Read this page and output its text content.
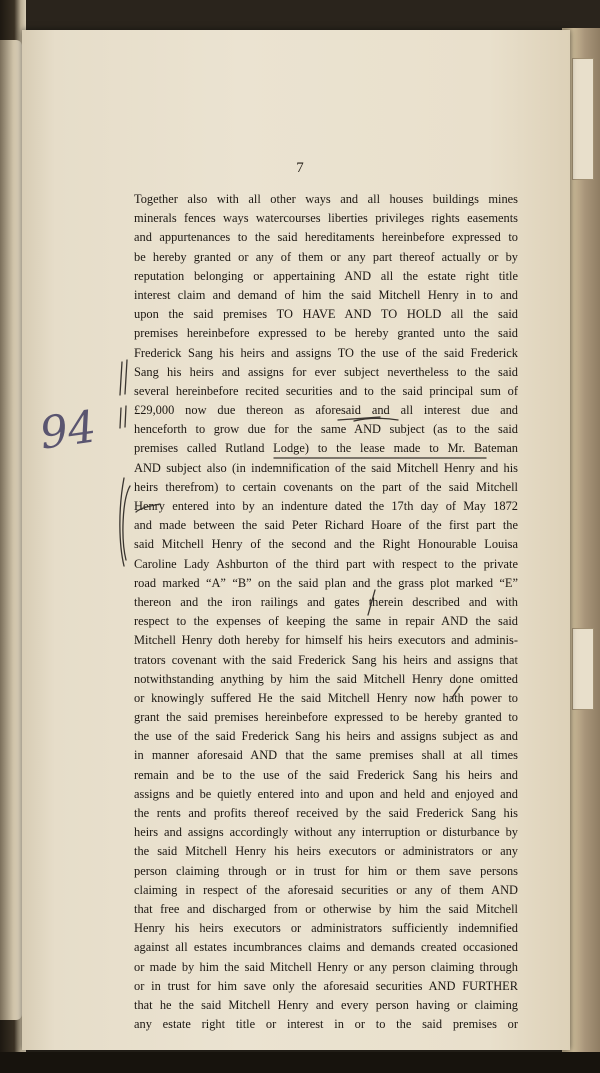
7
Together also with all other ways and all houses buildings mines
minerals fences ways watercourses liberties privileges rights easements
and appurtenances to the said hereditaments hereinbefore expressed to
be hereby granted or any of them or any part thereof actually or by
reputation belonging or appertaining AND all the estate right title
interest claim and demand of him the said Mitchell Henry in to and
upon the said premises TO HAVE AND TO HOLD all the said
premises hereinbefore expressed to be hereby granted unto the said
Frederick Sang his heirs and assigns TO the use of the said Frederick
Sang his heirs and assigns for ever subject nevertheless to the said
several hereinbefore recited securities and to the said principal sum of
£29,000 now due thereon as aforesaid and all interest due and
henceforth to grow due for the same AND subject (as to the said
premises called Rutland Lodge) to the lease made to Mr. Bateman
AND subject also (in indemnification of the said Mitchell Henry and his
heirs therefrom) to certain covenants on the part of the said Mitchell
Henry entered into by an indenture dated the 17th day of May 1872
and made between the said Peter Richard Hoare of the first part the
said Mitchell Henry of the second and the Right Honourable Louisa
Caroline Lady Ashburton of the third part with respect to the private
road marked “A” “B” on the said plan and the grass plot marked “E”
thereon and the iron railings and gates therein described and with
respect to the expenses of keeping the same in repair AND the said
Mitchell Henry doth hereby for himself his heirs executors and adminis-
trators covenant with the said Frederick Sang his heirs and assigns that
notwithstanding anything by him the said Mitchell Henry done omitted
or knowingly suffered He the said Mitchell Henry now hath power to
grant the said premises hereinbefore expressed to be hereby granted to
the use of the said Frederick Sang his heirs and assigns subject as and
in manner aforesaid AND that the same premises shall at all times
remain and be to the use of the said Frederick Sang his heirs and
assigns and be quietly entered into and upon and held and enjoyed and
the rents and profits thereof received by the said Frederick Sang his
heirs and assigns accordingly without any interruption or disturbance by
the said Mitchell Henry his heirs executors or administrators or any
person claiming through or in trust for him or them save persons
claiming in respect of the aforesaid securities or any of them AND
that free and discharged from or otherwise by him the said Mitchell
Henry his heirs executors or administrators sufficiently indemnified
against all estates incumbrances claims and demands created occasioned
or made by him the said Mitchell Henry or any person claiming through
or in trust for him save only the aforesaid securities AND FURTHER
that he the said Mitchell Henry and every person having or claiming
any estate right title or interest in or to the said premises or
94
